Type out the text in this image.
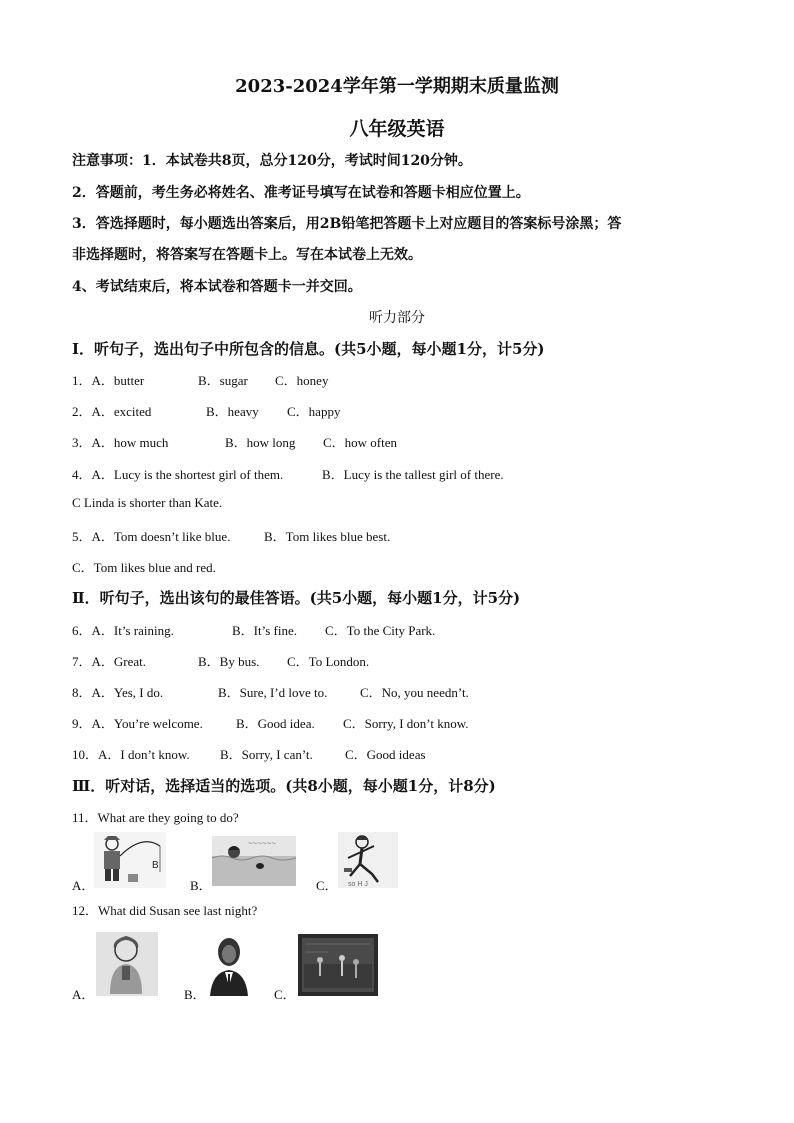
2023-2024学年第一学期期末质量监测
八年级英语
注意事项：1．本试卷共8页，总分120分，考试时间120分钟。
2．答题前，考生务必将姓名、准考证号填写在试卷和答题卡相应位置上。
3．答选择题时，每小题选出答案后，用2B铅笔把答题卡上对应题目的答案标号涂黑；答
非选择题时，将答案写在答题卡上。写在本试卷上无效。
4、考试结束后，将本试卷和答题卡一并交回。
听力部分
Ⅰ．听句子，选出句子中所包含的信息。(共5小题，每小题1分，计5分)
1．A．butter	B．sugar C．honey
2．A．excited	B．heavy C．happy
3．A．how much	B．how long C．how often
4．A．Lucy is the shortest girl of them.	B．Lucy is the tallest girl of there.
C Linda is shorter than Kate.
5．A．Tom doesn’t like blue.	B．Tom likes blue best.
C．Tom likes blue and red.
Ⅱ．听句子，选出该句的最佳答语。(共5小题，每小题1分，计5分)
6．A．It’s raining.	B．It’s fine. C．To the City Park.
7．A．Great.	B．By bus. C．To London.
8．A．Yes, I do.	B．Sure, I’d love to.	C．No, you needn’t.
9．A．You’re welcome.	B．Good idea. C．Sorry, I don’t know.
10．A．I don’t know. B．Sorry, I can’t. C．Good ideas
Ⅲ．听对话，选择适当的选项。(共8小题，每小题1分，计8分)
11．What are they going to do?
A．
B
B．
~~~~~~
C． so H J
12．What did Susan see last night?
A．	B．	C．
